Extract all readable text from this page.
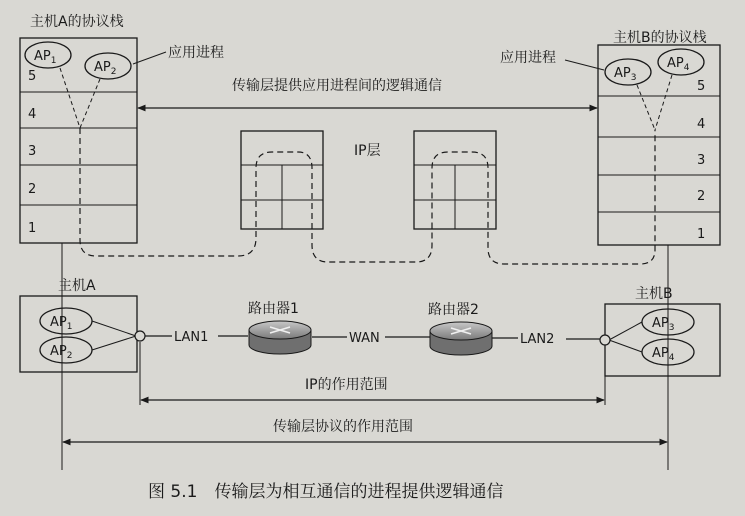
5
4
3
2
1
主机A的协议栈
$AP_1$	$AP_2$
应用进程
5
4
3
2
1
主机B的协议栈
$AP_3$
$AP_4$
应用进程
传输层提供应用进程间的逻辑通信
IP层
主机A
$AP_1$
$AP_2$
主机B
$AP_3$
$AP_4$
LAN1	WAN	LAN2
路由器1	路由器2
IP的作用范围
传输层协议的作用范围
图 5.1　传输层为相互通信的进程提供逻辑通信
